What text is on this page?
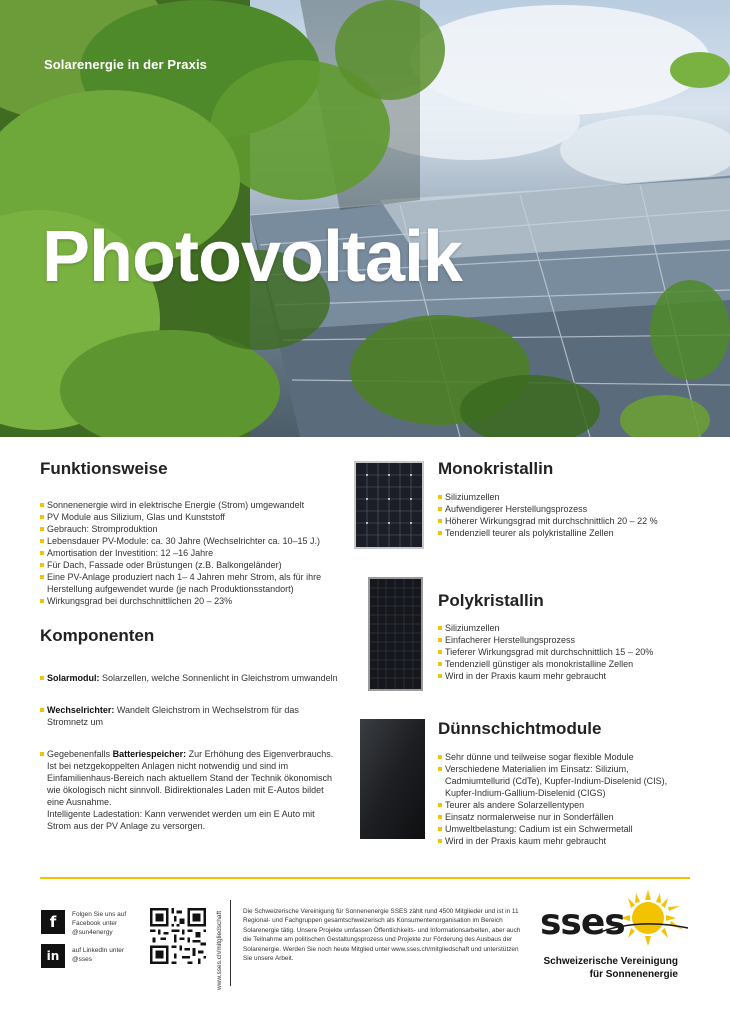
Solarenergie in der Praxis
Photovoltaik
Funktionsweise
Sonnenenergie wird in elektrische Energie (Strom) umgewandelt
PV Module aus Silizium, Glas und Kunststoff
Gebrauch: Stromproduktion
Lebensdauer PV-Module: ca. 30 Jahre (Wechselrichter ca. 10–15 J.)
Amortisation der Investition: 12 –16 Jahre
Für Dach, Fassade oder Brüstungen (z.B. Balkongeländer)
Eine PV-Anlage produziert nach 1– 4 Jahren mehr Strom, als für ihre Herstellung aufgewendet wurde (je nach Produktionsstandort)
Wirkungsgrad bei durchschnittlichen 20 – 23%
Komponenten
Solarmodul: Solarzellen, welche Sonnenlicht in Gleichstrom umwandeln
Wechselrichter: Wandelt Gleichstrom in Wechselstrom für das Stromnetz um
Gegebenenfalls Batteriespeicher: Zur Erhöhung des Eigenverbrauchs. Ist bei netzgekoppelten Anlagen nicht notwendig und sind im Einfamilienhaus-Bereich nach aktuellem Stand der Technik ökonomisch wie ökologisch nicht sinnvoll. Bidirektionales Laden mit E-Autos bildet eine Ausnahme.
Intelligente Ladestation: Kann verwendet werden um ein E Auto mit Strom aus der PV Anlage zu versorgen.
Monokristallin
Siliziumzellen
Aufwendigerer Herstellungsprozess
Höherer Wirkungsgrad mit durchschnittlich 20 – 22 %
Tendenziell teurer als polykristalline Zellen
Polykristallin
Siliziumzellen
Einfacherer Herstellungsprozess
Tieferer Wirkungsgrad mit durchschnittlich 15 – 20%
Tendenziell günstiger als monokristalline Zellen
Wird in der Praxis kaum mehr gebraucht
Dünnschichtmodule
Sehr dünne und teilweise sogar flexible Module
Verschiedene Materialien im Einsatz: Silizium, Cadmiumtellurid (CdTe), Kupfer-Indium-Diselenid (CIS), Kupfer-Indium-Gallium-Diselenid (CIGS)
Teurer als andere Solarzellentypen
Einsatz normalerweise nur in Sonderfällen
Umweltbelastung: Cadium ist ein Schwermetall
Wird in der Praxis kaum mehr gebraucht
f	Folgen Sie uns auf Facebook unter @sun4energy
in	auf LinkedIn unter @sses	www.sses.ch/mitgliedschaft	Die Schweizerische Vereinigung für Sonnenenergie SSES zählt rund 4500 Mitglieder und ist in 11 Regional- und Fachgruppen gesamtschweizerisch als Konsumentenorganisation im Bereich Solarenergie tätig. Unsere Projekte umfassen Öffentlichkeits- und Informationsarbeiten, aber auch die Teilnahme am politischen Gestaltungsprozess und Projekte zur Förderung des Ausbaus der Solarenergie. Werden Sie noch heute Mitglied unter www.sses.ch/mitgliedschaft und unterstützen Sie unsere Arbeit.
sses
Schweizerische Vereinigung
für Sonnenenergie
